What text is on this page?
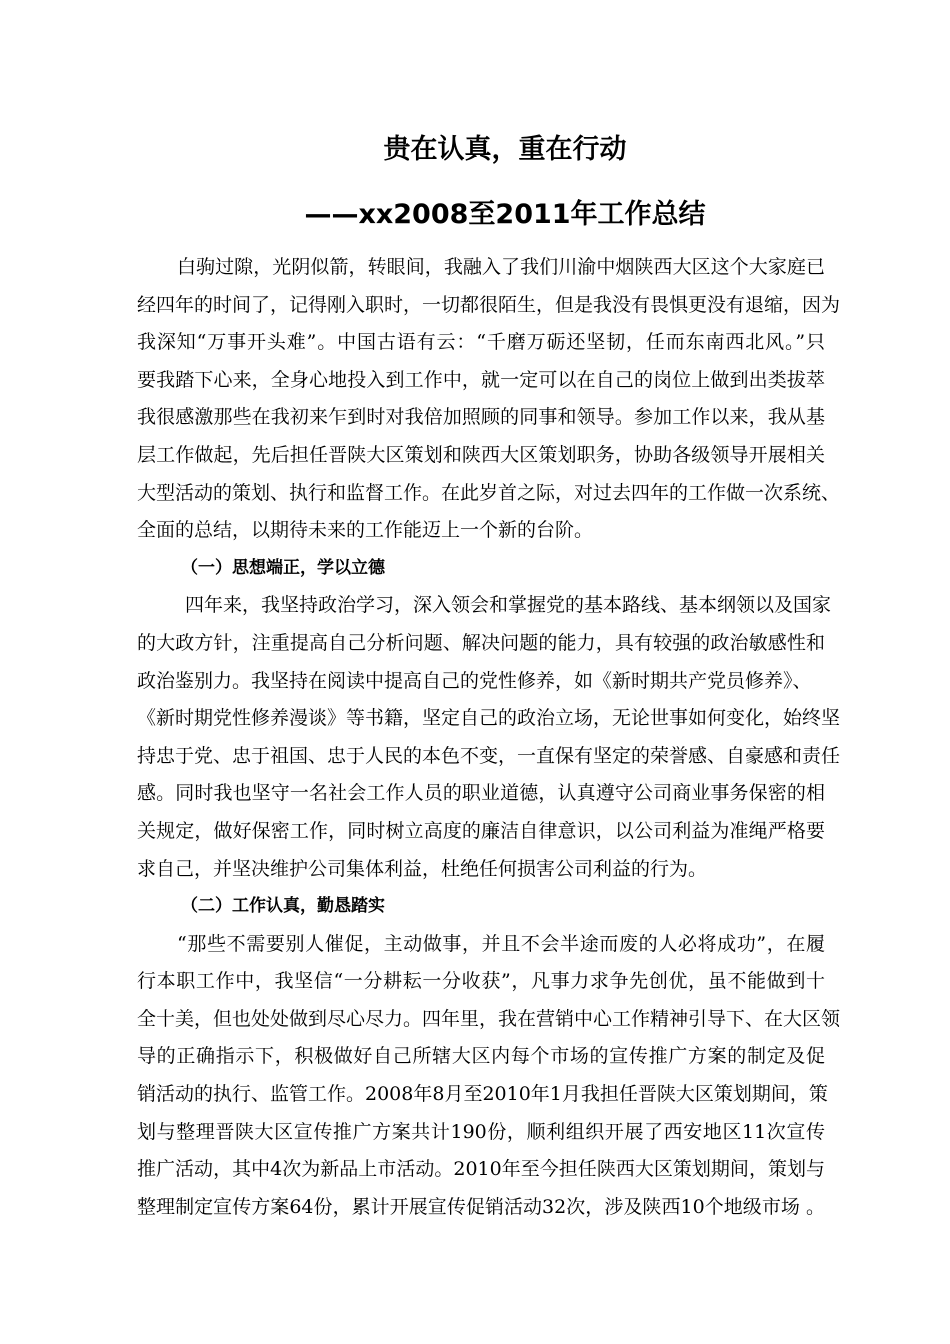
贵在认真，重在行动
——xx2008至2011年工作总结
白驹过隙，光阴似箭，转眼间，我融入了我们川渝中烟陕西大区这个大家庭已
经四年的时间了，记得刚入职时，一切都很陌生，但是我没有畏惧更没有退缩，因为
我深知“万事开头难”。中国古语有云：“千磨万砺还坚韧，任而东南西北风。”只
要我踏下心来，全身心地投入到工作中，就一定可以在自己的岗位上做到出类拔萃
我很感激那些在我初来乍到时对我倍加照顾的同事和领导。参加工作以来，我从基
层工作做起，先后担任晋陕大区策划和陕西大区策划职务，协助各级领导开展相关
大型活动的策划、执行和监督工作。在此岁首之际，对过去四年的工作做一次系统、
全面的总结，以期待未来的工作能迈上一个新的台阶。
（一）思想端正，学以立德
四年来，我坚持政治学习，深入领会和掌握党的基本路线、基本纲领以及国家
的大政方针，注重提高自己分析问题、解决问题的能力，具有较强的政治敏感性和
政治鉴别力。我坚持在阅读中提高自己的党性修养，如《新时期共产党员修养》、
《新时期党性修养漫谈》等书籍，坚定自己的政治立场，无论世事如何变化，始终坚
持忠于党、忠于祖国、忠于人民的本色不变，一直保有坚定的荣誉感、自豪感和责任
感。同时我也坚守一名社会工作人员的职业道德，认真遵守公司商业事务保密的相
关规定，做好保密工作，同时树立高度的廉洁自律意识，以公司利益为准绳严格要
求自己，并坚决维护公司集体利益，杜绝任何损害公司利益的行为。
（二）工作认真，勤恳踏实
“那些不需要别人催促，主动做事，并且不会半途而废的人必将成功”，在履
行本职工作中，我坚信“一分耕耘一分收获”，凡事力求争先创优，虽不能做到十
全十美，但也处处做到尽心尽力。四年里，我在营销中心工作精神引导下、在大区领
导的正确指示下，积极做好自己所辖大区内每个市场的宣传推广方案的制定及促
销活动的执行、监管工作。2008年8月至2010年1月我担任晋陕大区策划期间，策
划与整理晋陕大区宣传推广方案共计190份，顺利组织开展了西安地区11次宣传
推广活动，其中4次为新品上市活动。2010年至今担任陕西大区策划期间，策划与
整理制定宣传方案64份，累计开展宣传促销活动32次，涉及陕西10个地级市场 。
